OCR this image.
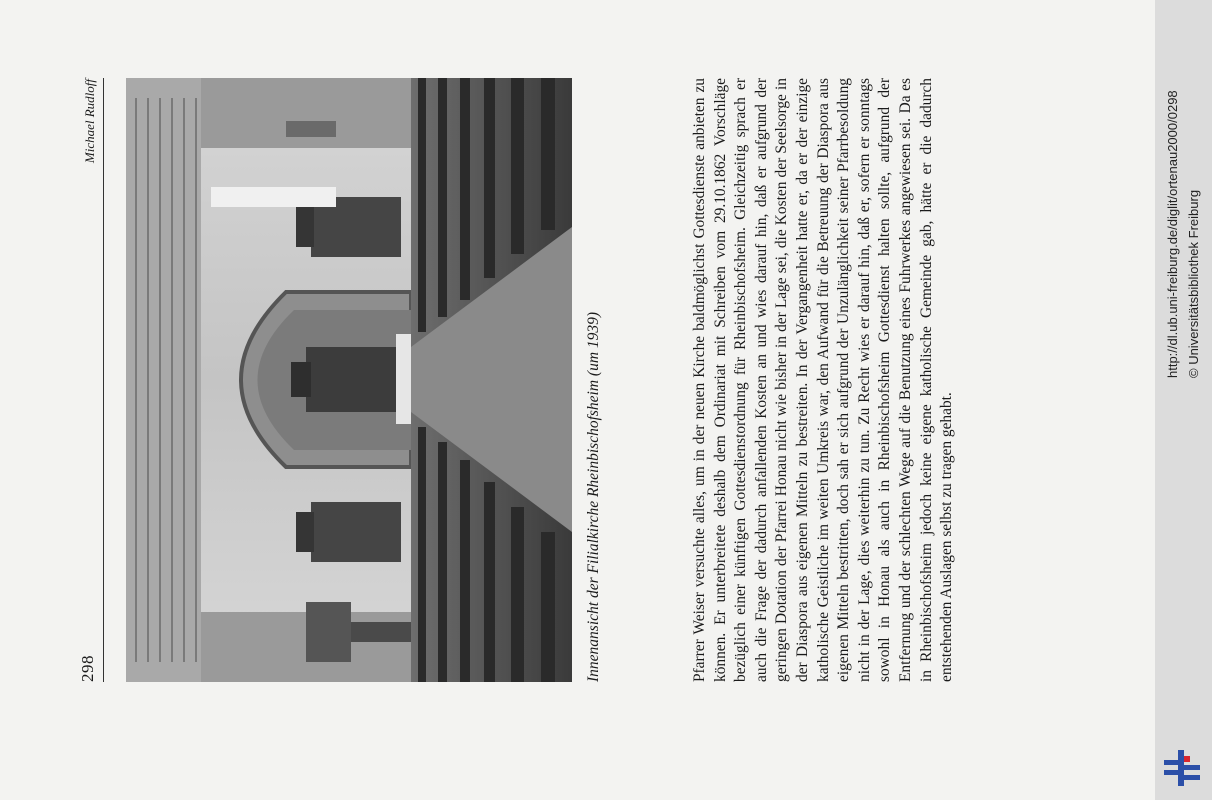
298
Michael Rudloff
Innenansicht der Filialkirche Rheinbischofsheim (um 1939)	Pfarrer Weiser versuchte alles, um in der neuen Kirche baldmöglichst Gottesdienste anbieten zu können. Er unterbreitete deshalb dem Ordinariat mit Schreiben vom 29.10.1862 Vorschläge bezüglich einer künftigen Gottesdienstordnung für Rheinbischofsheim. Gleichzeitig sprach er auch die Frage der dadurch anfallenden Kosten an und wies darauf hin, daß er aufgrund der geringen Dotation der Pfarrei Honau nicht wie bisher in der Lage sei, die Kosten der Seelsorge in der Diaspora aus eigenen Mitteln zu bestreiten. In der Vergangenheit hatte er, da er der einzige katholische Geistliche im weiten Umkreis war, den Aufwand für die Betreuung der Diaspora aus eigenen Mitteln bestritten, doch sah er sich aufgrund der Unzulänglichkeit seiner Pfarrbesoldung nicht in der Lage, dies weiterhin zu tun. Zu Recht wies er darauf hin, daß er, sofern er sonntags sowohl in Honau als auch in Rheinbischofsheim Gottesdienst halten sollte, aufgrund der Entfernung und der schlechten Wege auf die Benutzung eines Fuhrwerkes angewiesen sei. Da es in Rheinbischofsheim jedoch keine eigene katholische Gemeinde gab, hätte er die dadurch entstehenden Auslagen selbst zu tragen gehabt.
http://dl.ub.uni-freiburg.de/diglit/ortenau2000/0298 © Universitätsbibliothek Freiburg
